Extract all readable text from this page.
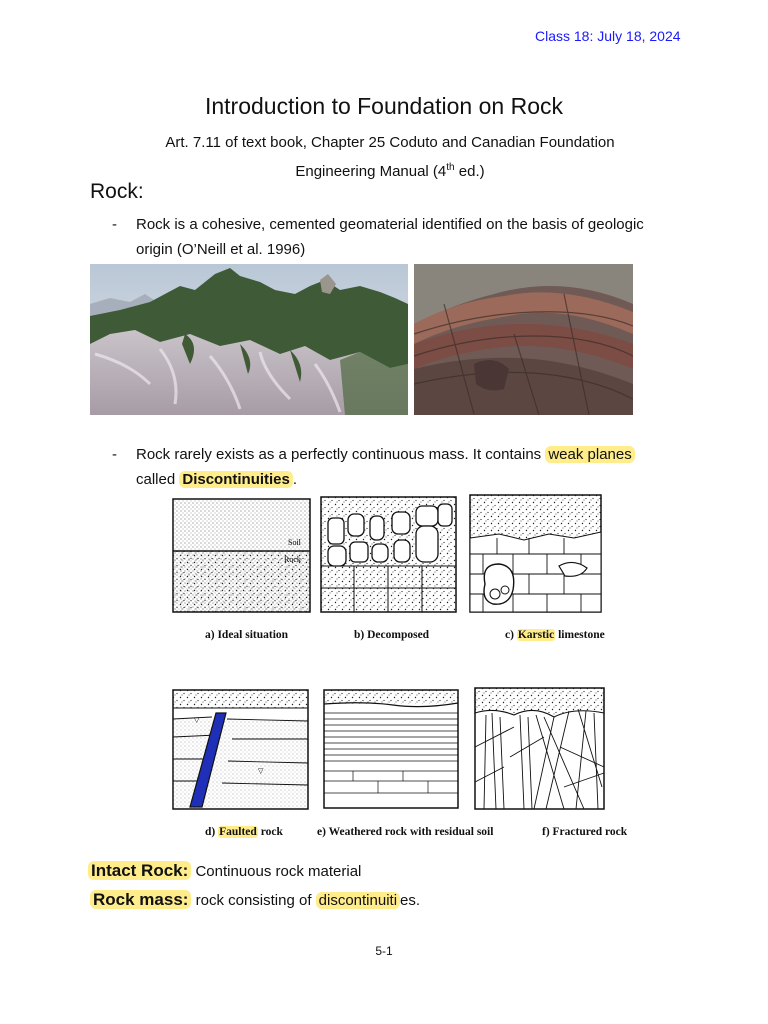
Class 18: July 18, 2024
Introduction to Foundation on Rock
Art. 7.11 of text book, Chapter 25 Coduto and Canadian Foundation
Engineering Manual (4th ed.)
Rock:
- Rock is a cohesive, cemented geomaterial identified on the basis of geologic
origin (O’Neill et al. 1996)
- Rock rarely exists as a perfectly continuous mass. It contains weak planes
called Discontinuities .
Soil
Rock
a) Ideal situation	b) Decomposed	c) Karstic limestone
▽
▽
d) Faulted rock	e) Weathered rock with residual soil	f) Fractured rock
Intact Rock: Continuous rock material
Rock mass: rock consisting of discontinuiti es.
5-1
